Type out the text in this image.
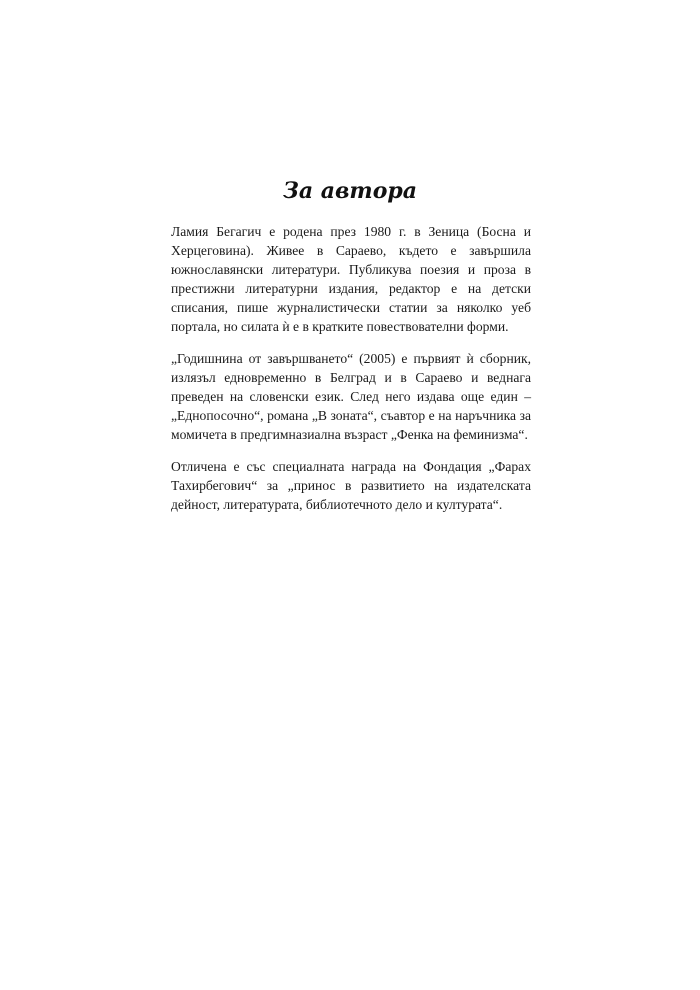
За автора

Ламия Бегагич е родена през 1980 г. в Зеница (Босна и Херцеговина). Живее в Сараево, където е завършила южнославянски литератури. Публикува поезия и проза в престижни литературни издания, редактор е на детски списания, пише журналистически статии за няколко уеб портала, но силата ѝ е в кратките повествователни форми.

„Годишнина от завършването“ (2005) е първият ѝ сборник, излязъл едновременно в Белград и в Сараево и веднага преведен на словенски език. След него издава още един – „Еднопосочно“, романа „В зоната“, съавтор е на наръчника за момичета в предгимназиална възраст „Фенка на феминизма“.

Отличена е със специалната награда на Фондация „Фарах Тахирбегович“ за „принос в развитието на издателската дейност, литературата, библиотечното дело и културата“.
